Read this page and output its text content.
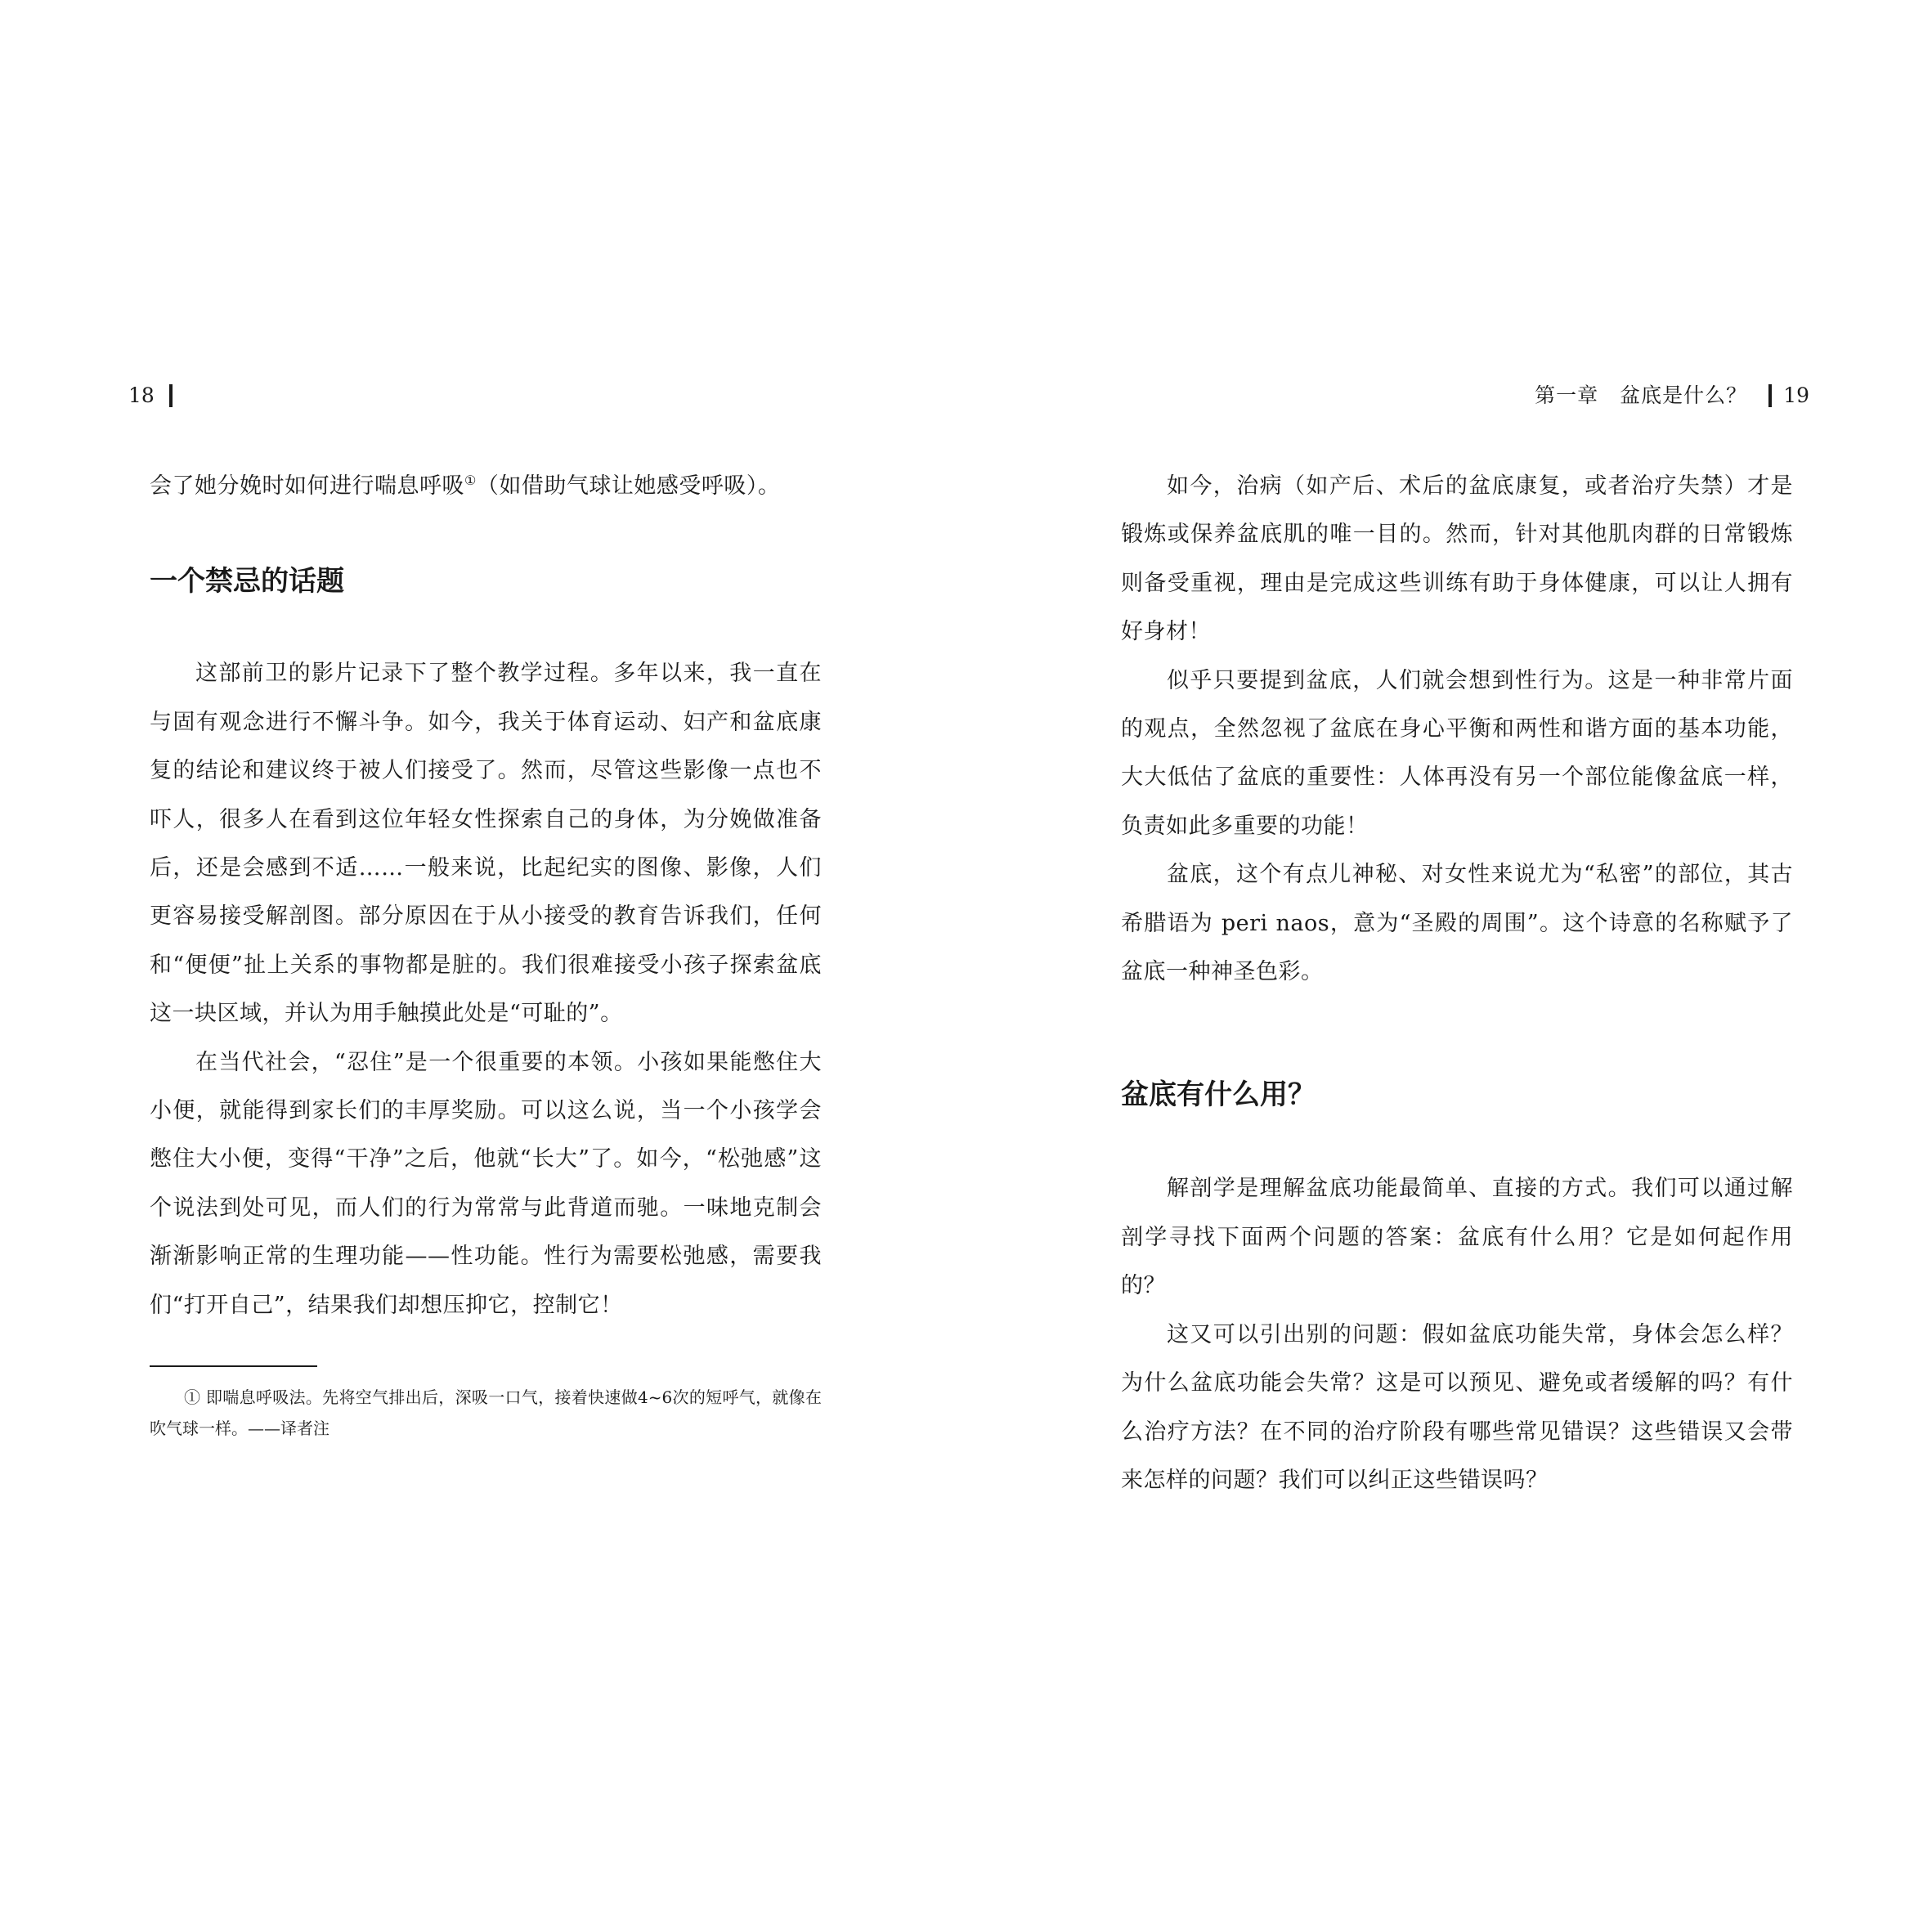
18

会了她分娩时如何进行喘息呼吸①（如借助气球让她感受呼吸）。

一个禁忌的话题

这部前卫的影片记录下了整个教学过程。多年以来，我一直在与固有观念进行不懈斗争。如今，我关于体育运动、妇产和盆底康复的结论和建议终于被人们接受了。然而，尽管这些影像一点也不吓人，很多人在看到这位年轻女性探索自己的身体，为分娩做准备后，还是会感到不适……一般来说，比起纪实的图像、影像，人们更容易接受解剖图。部分原因在于从小接受的教育告诉我们，任何和“便便”扯上关系的事物都是脏的。我们很难接受小孩子探索盆底这一块区域，并认为用手触摸此处是“可耻的”。

在当代社会，“忍住”是一个很重要的本领。小孩如果能憋住大小便，就能得到家长们的丰厚奖励。可以这么说，当一个小孩学会憋住大小便，变得“干净”之后，他就“长大”了。如今，“松弛感”这个说法到处可见，而人们的行为常常与此背道而驰。一味地克制会渐渐影响正常的生理功能——性功能。性行为需要松弛感，需要我们“打开自己”，结果我们却想压抑它，控制它！

① 即喘息呼吸法。先将空气排出后，深吸一口气，接着快速做4~6次的短呼气，就像在吹气球一样。——译者注

第一章　盆底是什么？ 19

如今，治病（如产后、术后的盆底康复，或者治疗失禁）才是锻炼或保养盆底肌的唯一目的。然而，针对其他肌肉群的日常锻炼则备受重视，理由是完成这些训练有助于身体健康，可以让人拥有好身材！

似乎只要提到盆底，人们就会想到性行为。这是一种非常片面的观点，全然忽视了盆底在身心平衡和两性和谐方面的基本功能，大大低估了盆底的重要性：人体再没有另一个部位能像盆底一样，负责如此多重要的功能！

盆底，这个有点儿神秘、对女性来说尤为“私密”的部位，其古希腊语为 peri naos，意为“圣殿的周围”。这个诗意的名称赋予了盆底一种神圣色彩。

盆底有什么用？

解剖学是理解盆底功能最简单、直接的方式。我们可以通过解剖学寻找下面两个问题的答案：盆底有什么用？它是如何起作用的？

这又可以引出别的问题：假如盆底功能失常，身体会怎么样？为什么盆底功能会失常？这是可以预见、避免或者缓解的吗？有什么治疗方法？在不同的治疗阶段有哪些常见错误？这些错误又会带来怎样的问题？我们可以纠正这些错误吗？
